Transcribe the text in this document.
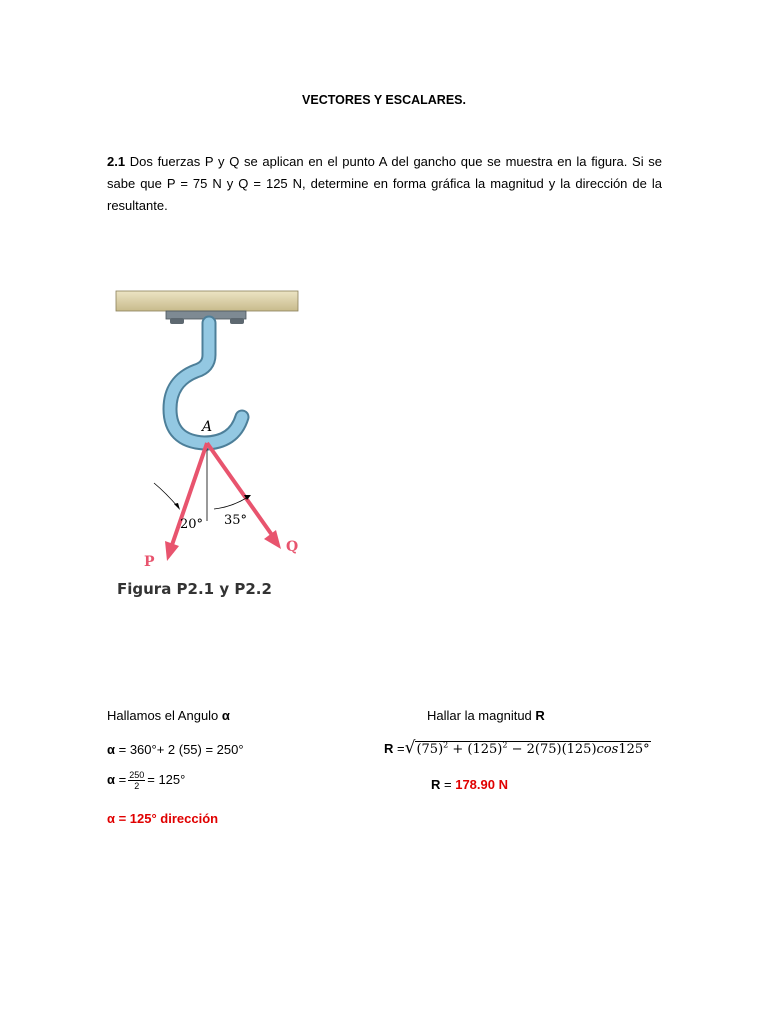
VECTORES Y ESCALARES.
2.1 Dos fuerzas P y Q se aplican en el punto A del gancho que se muestra en la figura. Si se sabe que P = 75 N y Q = 125 N, determine en forma gráfica la magnitud y la dirección de la resultante.
A
20° 35°
P
Q
Figura P2.1 y P2.2
Hallamos el Angulo α
α = 360°+ 2 (55) = 250°
$\alpha = \frac{250}{2} = 125^\circ$
α = 125° dirección
Hallar la magnitud R
$R =√(75)^2 + (125)^2 - 2(75)(125)\cos 125^\circ$
R = 178.90 N
